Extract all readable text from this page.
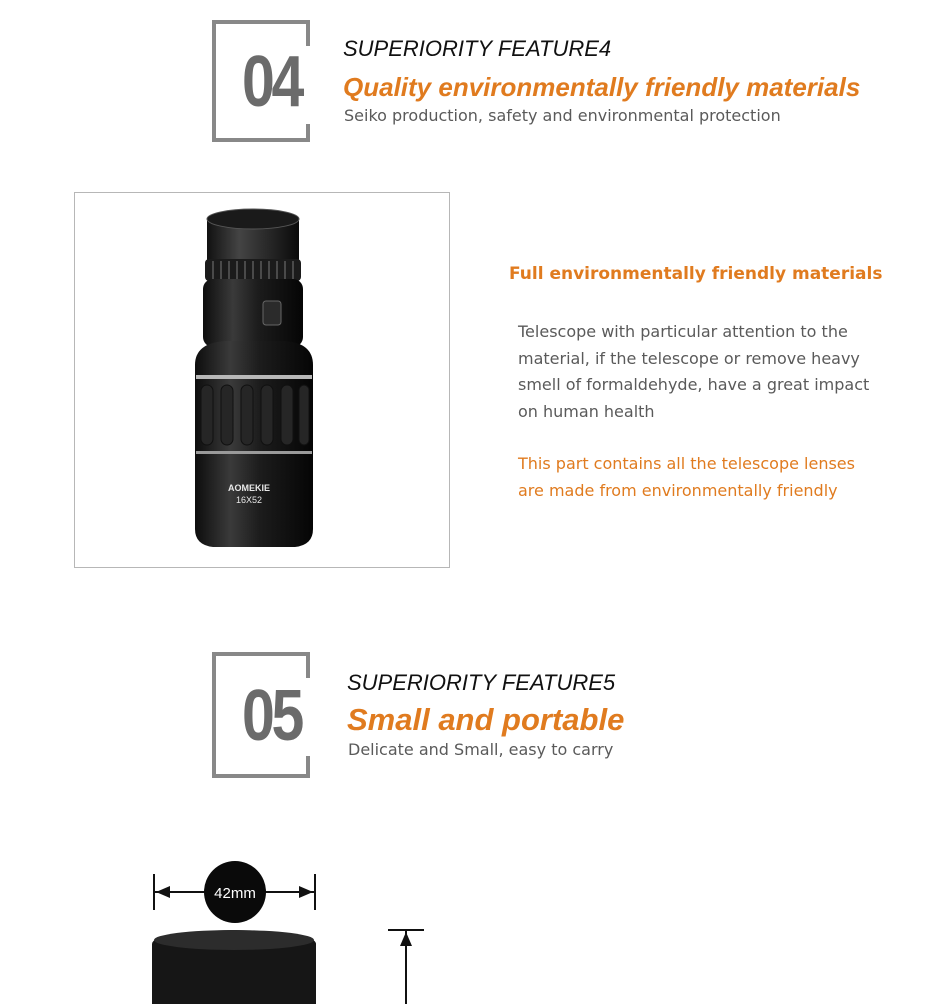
04 SUPERIORITY FEATURE4
Quality environmentally friendly materials
Seiko production, safety and environmental protection
AOMEKIE
16X52
Full environmentally friendly materials
Telescope with particular attention to the
material, if the telescope or remove heavy
smell of formaldehyde, have a great impact
on human health
This part contains all the telescope lenses
are made from environmentally friendly
05 SUPERIORITY FEATURE5
Small and portable
Delicate and Small, easy to carry
42mm
